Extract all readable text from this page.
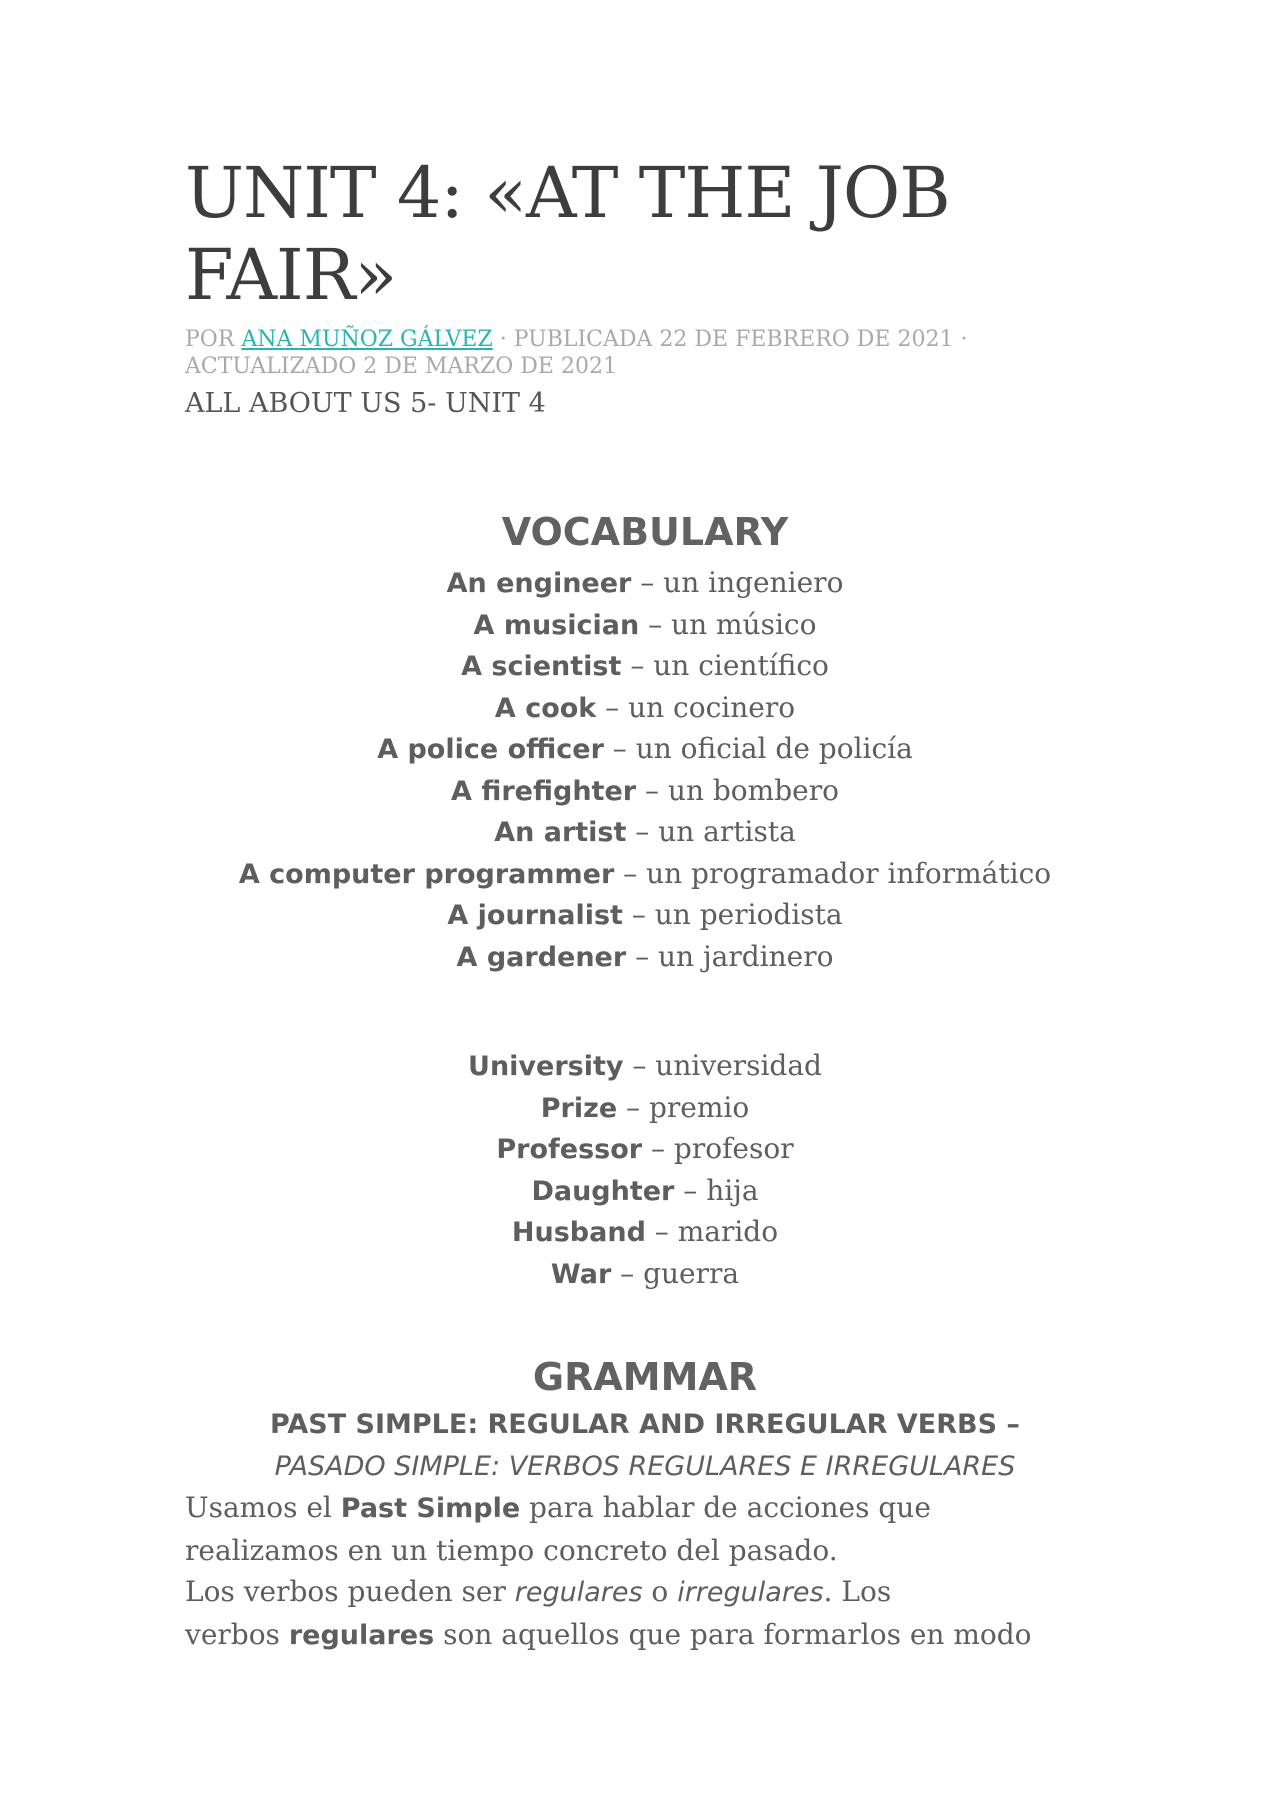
UNIT 4: «AT THE JOB
FAIR»
POR ANA MUÑOZ GÁLVEZ · PUBLICADA 22 DE FEBRERO DE 2021 ·
ACTUALIZADO 2 DE MARZO DE 2021
ALL ABOUT US 5- UNIT 4
VOCABULARY
An engineer – un ingeniero
A musician – un músico
A scientist – un científico
A cook – un cocinero
A police officer – un oficial de policía
A firefighter – un bombero
An artist – un artista
A computer programmer – un programador informático
A journalist – un periodista
A gardener – un jardinero
University – universidad
Prize – premio
Professor – profesor
Daughter – hija
Husband – marido
War – guerra
GRAMMAR
PAST SIMPLE: REGULAR AND IRREGULAR VERBS –
PASADO SIMPLE: VERBOS REGULARES E IRREGULARES

Usamos el Past Simple para hablar de acciones que
realizamos en un tiempo concreto del pasado.
Los verbos pueden ser regulares o irregulares. Los
verbos regulares son aquellos que para formarlos en modo
